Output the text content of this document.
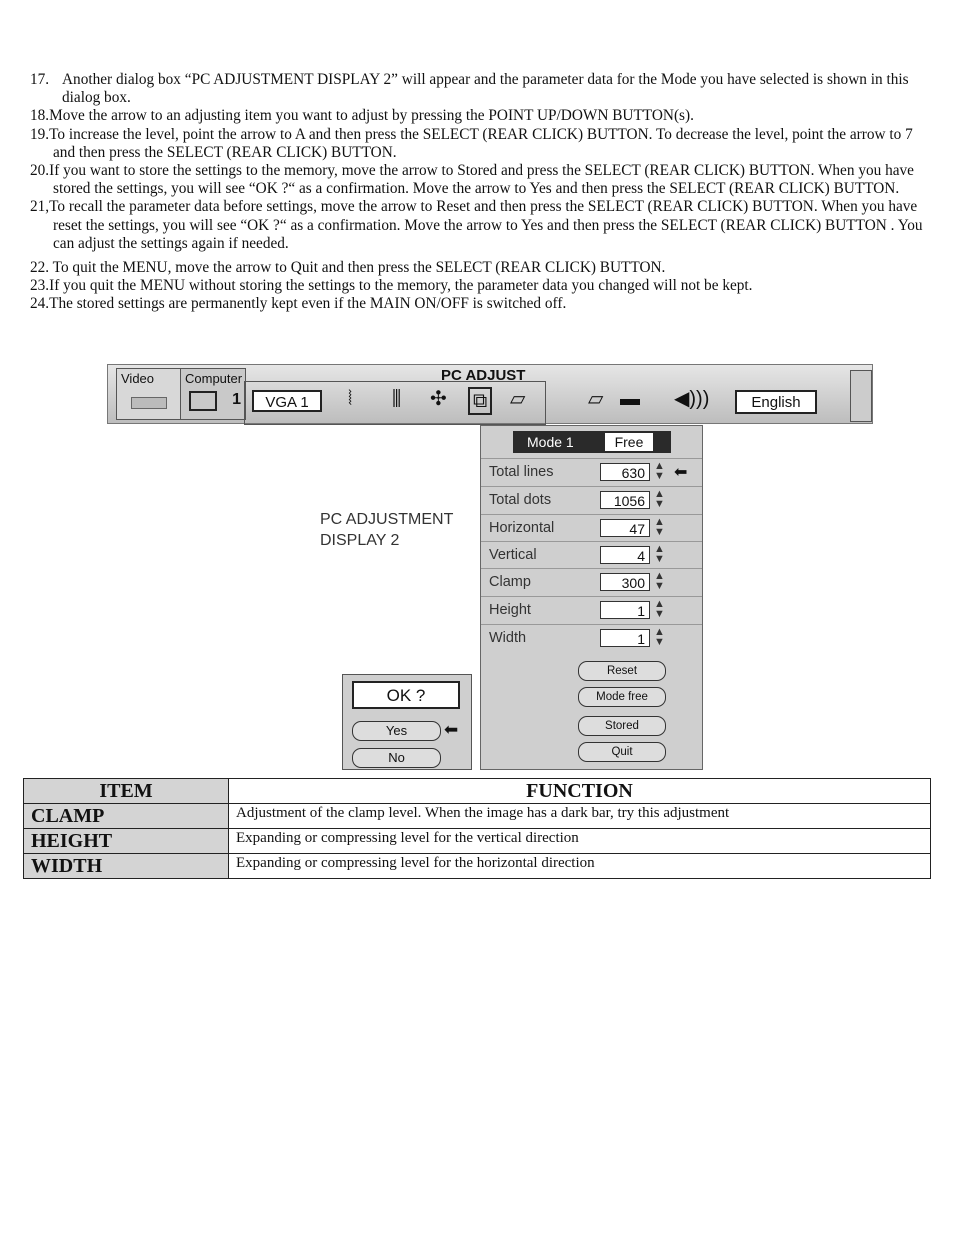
17. Another dialog box “PC ADJUSTMENT DISPLAY 2” will appear and the parameter data for the Mode you have selected is shown in this dialog box.
18.Move the arrow to an adjusting item you want to adjust by pressing the POINT UP/DOWN BUTTON(s).
19.To increase the level, point the arrow to A and then press the SELECT (REAR CLICK) BUTTON. To decrease the level, point the arrow to 7 and then press the SELECT (REAR CLICK) BUTTON.
20.If you want to store the settings to the memory, move the arrow to Stored and press the SELECT (REAR CLICK) BUTTON. When you have stored the settings, you will see “OK ?“ as a confirmation. Move the arrow to Yes and then press the SELECT (REAR CLICK) BUTTON.
21,To recall the parameter data before settings, move the arrow to Reset and then press the SELECT (REAR CLICK) BUTTON. When you have reset the settings, you will see “OK ?“ as a confirmation. Move the arrow to Yes and then press the SELECT (REAR CLICK) BUTTON . You can adjust the settings again if needed.
22. To quit the MENU, move the arrow to Quit and then press the SELECT (REAR CLICK) BUTTON.
23.If you quit the MENU without storing the settings to the memory, the parameter data you changed will not be kept.
24.The stored settings are permanently kept even if the MAIN ON/OFF is switched off.
PC ADJUST
Video Computer
1	VGA 1	⦚ ⫼ ✣ ⧉ ▱	▱ ▬ ◀)))	English
PC ADJUSTMENT
DISPLAY 2
Mode 1	Free
Total lines	630 ▲
▼ ⬅
Total dots	1056 ▲
▼
Horizontal	47 ▲
▼
Vertical	4 ▲
▼
Clamp	300 ▲
▼
Height	1 ▲
▼
Width	1 ▲
▼
Reset
Mode free
Stored
Quit
OK ?
Yes
No
⬅
ITEM	FUNCTION
CLAMP	Adjustment of the clamp level. When the image has a dark bar, try this adjustment
HEIGHT	Expanding or compressing level for the vertical direction
WIDTH	Expanding or compressing level for the horizontal direction
